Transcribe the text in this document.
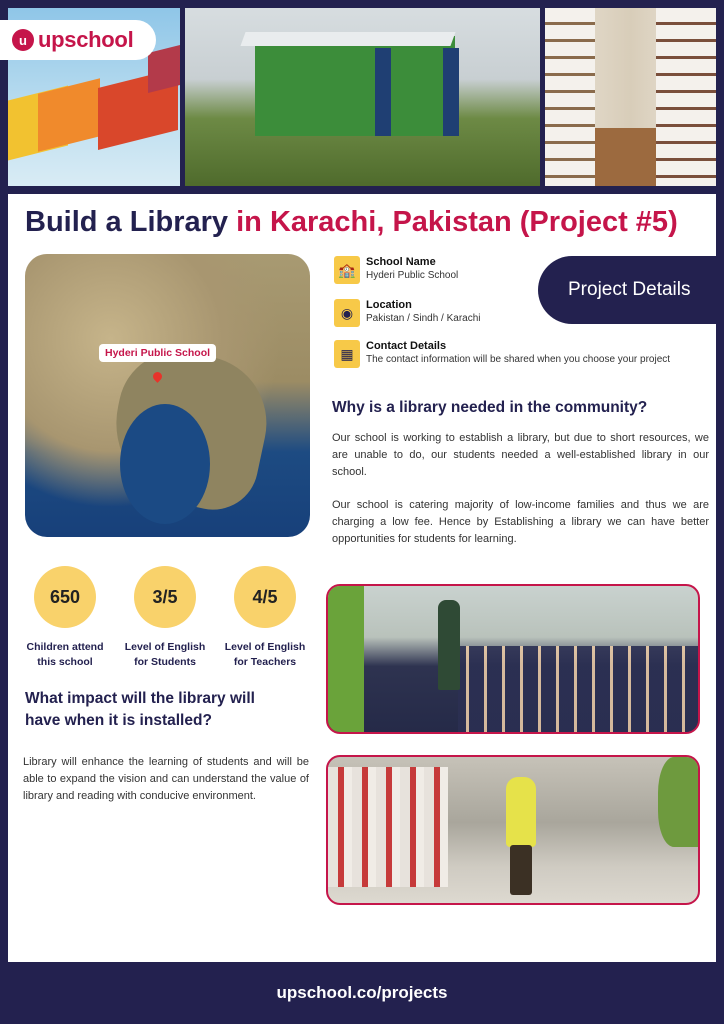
u upschool
Build a Library in Karachi, Pakistan (Project #5)
Hyderi Public School
🏫 School Name
Hyderi Public School
◉	Location
Pakistan / Sindh / Karachi
▦	Contact Details
The contact information will be shared when you choose your project
Project Details
Why is a library needed in the community?

Our school is working to establish a library, but due to short resources, we are unable to do, our students needed a well-established library in our school.

Our school is catering majority of low-income families and thus we are charging a low fee. Hence by Establishing a library we can have better opportunities for students for learning.

650
Children attend
this school
3/5
Level of English
for Students
4/5
Level of English
for Teachers
What impact will the library will
have when it is installed?

Library will enhance the learning of students and will be able to expand the vision and can understand the value of library and reading with conducive environment.

upschool.co/projects
